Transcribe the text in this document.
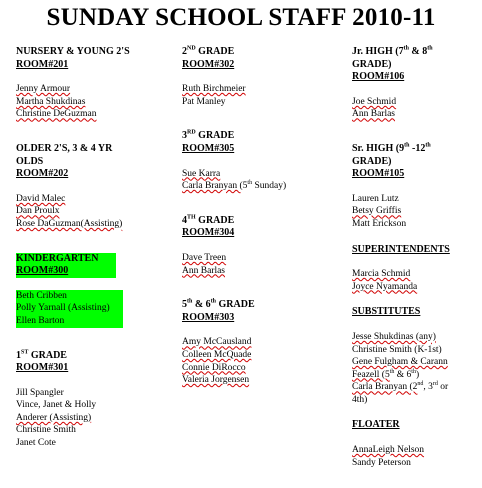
SUNDAY SCHOOL STAFF 2010-11
NURSERY & YOUNG 2'S
ROOM#201
Jenny Armour
Martha Shukdinas
Christine DeGuzman
OLDER 2'S, 3 & 4 YR
OLDS
ROOM#202
David Malec
Dan Proulx
Rose DaGuzman(Assisting)
KINDERGARTEN
ROOM#300
Beth Cribben
Polly Yarnall (Assisting)
Ellen Barton
1ST GRADE
ROOM#301
Jill Spangler
Vince, Janet & Holly
Anderer (Assisting)
Christine Smith
Janet Cote
2ND GRADE
ROOM#302
Ruth Birchmeier
Pat Manley
3RD GRADE
ROOM#305
Sue Karra
Carla Branyan (5th Sunday)
4TH GRADE
ROOM#304
Dave Treen
Ann Barlas
5th & 6th GRADE
ROOM#303
Amy McCausland
Colleen McQuade
Connie DiRocco
Valeria Jorgensen
Jr. HIGH (7th & 8th
GRADE)
ROOM#106
Joe Schmid
Ann Barlas
Sr. HIGH (9th -12th
GRADE)
ROOM#105
Lauren Lutz
Betsy Griffis
Matt Erickson
SUPERINTENDENTS
Marcia Schmid
Joyce Nyamanda
SUBSTITUTES
Jesse Shukdinas (any)
Christine Smith (K-1st)
Gene Fulgham & Carann
Feazell (5th & 6th)
Carla Branyan (2nd, 3rd or
4th)
FLOATER
AnnaLeigh Nelson
Sandy Peterson
